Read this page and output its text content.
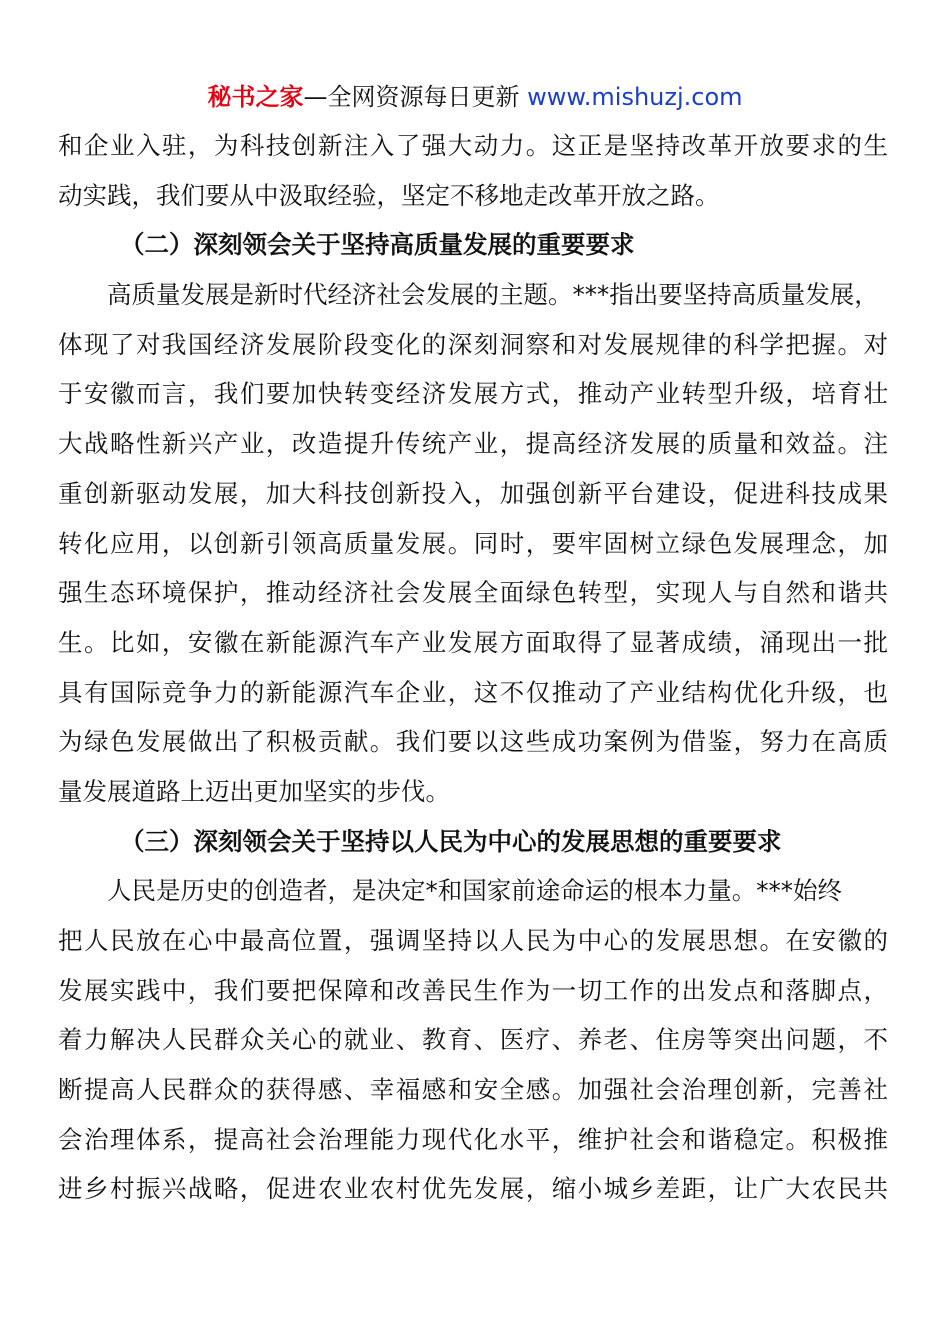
秘书之家—全网资源每日更新 www.mishuzj.com
和企业入驻，为科技创新注入了强大动力。这正是坚持改革开放要求的生
动实践，我们要从中汲取经验，坚定不移地走改革开放之路。
（二）深刻领会关于坚持高质量发展的重要要求
高质量发展是新时代经济社会发展的主题。***指出要坚持高质量发展，
体现了对我国经济发展阶段变化的深刻洞察和对发展规律的科学把握。对
于安徽而言，我们要加快转变经济发展方式，推动产业转型升级，培育壮
大战略性新兴产业，改造提升传统产业，提高经济发展的质量和效益。注
重创新驱动发展，加大科技创新投入，加强创新平台建设，促进科技成果
转化应用，以创新引领高质量发展。同时，要牢固树立绿色发展理念，加
强生态环境保护，推动经济社会发展全面绿色转型，实现人与自然和谐共
生。比如，安徽在新能源汽车产业发展方面取得了显著成绩，涌现出一批
具有国际竞争力的新能源汽车企业，这不仅推动了产业结构优化升级，也
为绿色发展做出了积极贡献。我们要以这些成功案例为借鉴，努力在高质
量发展道路上迈出更加坚实的步伐。
（三）深刻领会关于坚持以人民为中心的发展思想的重要要求
人民是历史的创造者，是决定*和国家前途命运的根本力量。***始终
把人民放在心中最高位置，强调坚持以人民为中心的发展思想。在安徽的
发展实践中，我们要把保障和改善民生作为一切工作的出发点和落脚点，
着力解决人民群众关心的就业、教育、医疗、养老、住房等突出问题，不
断提高人民群众的获得感、幸福感和安全感。加强社会治理创新，完善社
会治理体系，提高社会治理能力现代化水平，维护社会和谐稳定。积极推
进乡村振兴战略，促进农业农村优先发展，缩小城乡差距，让广大农民共
